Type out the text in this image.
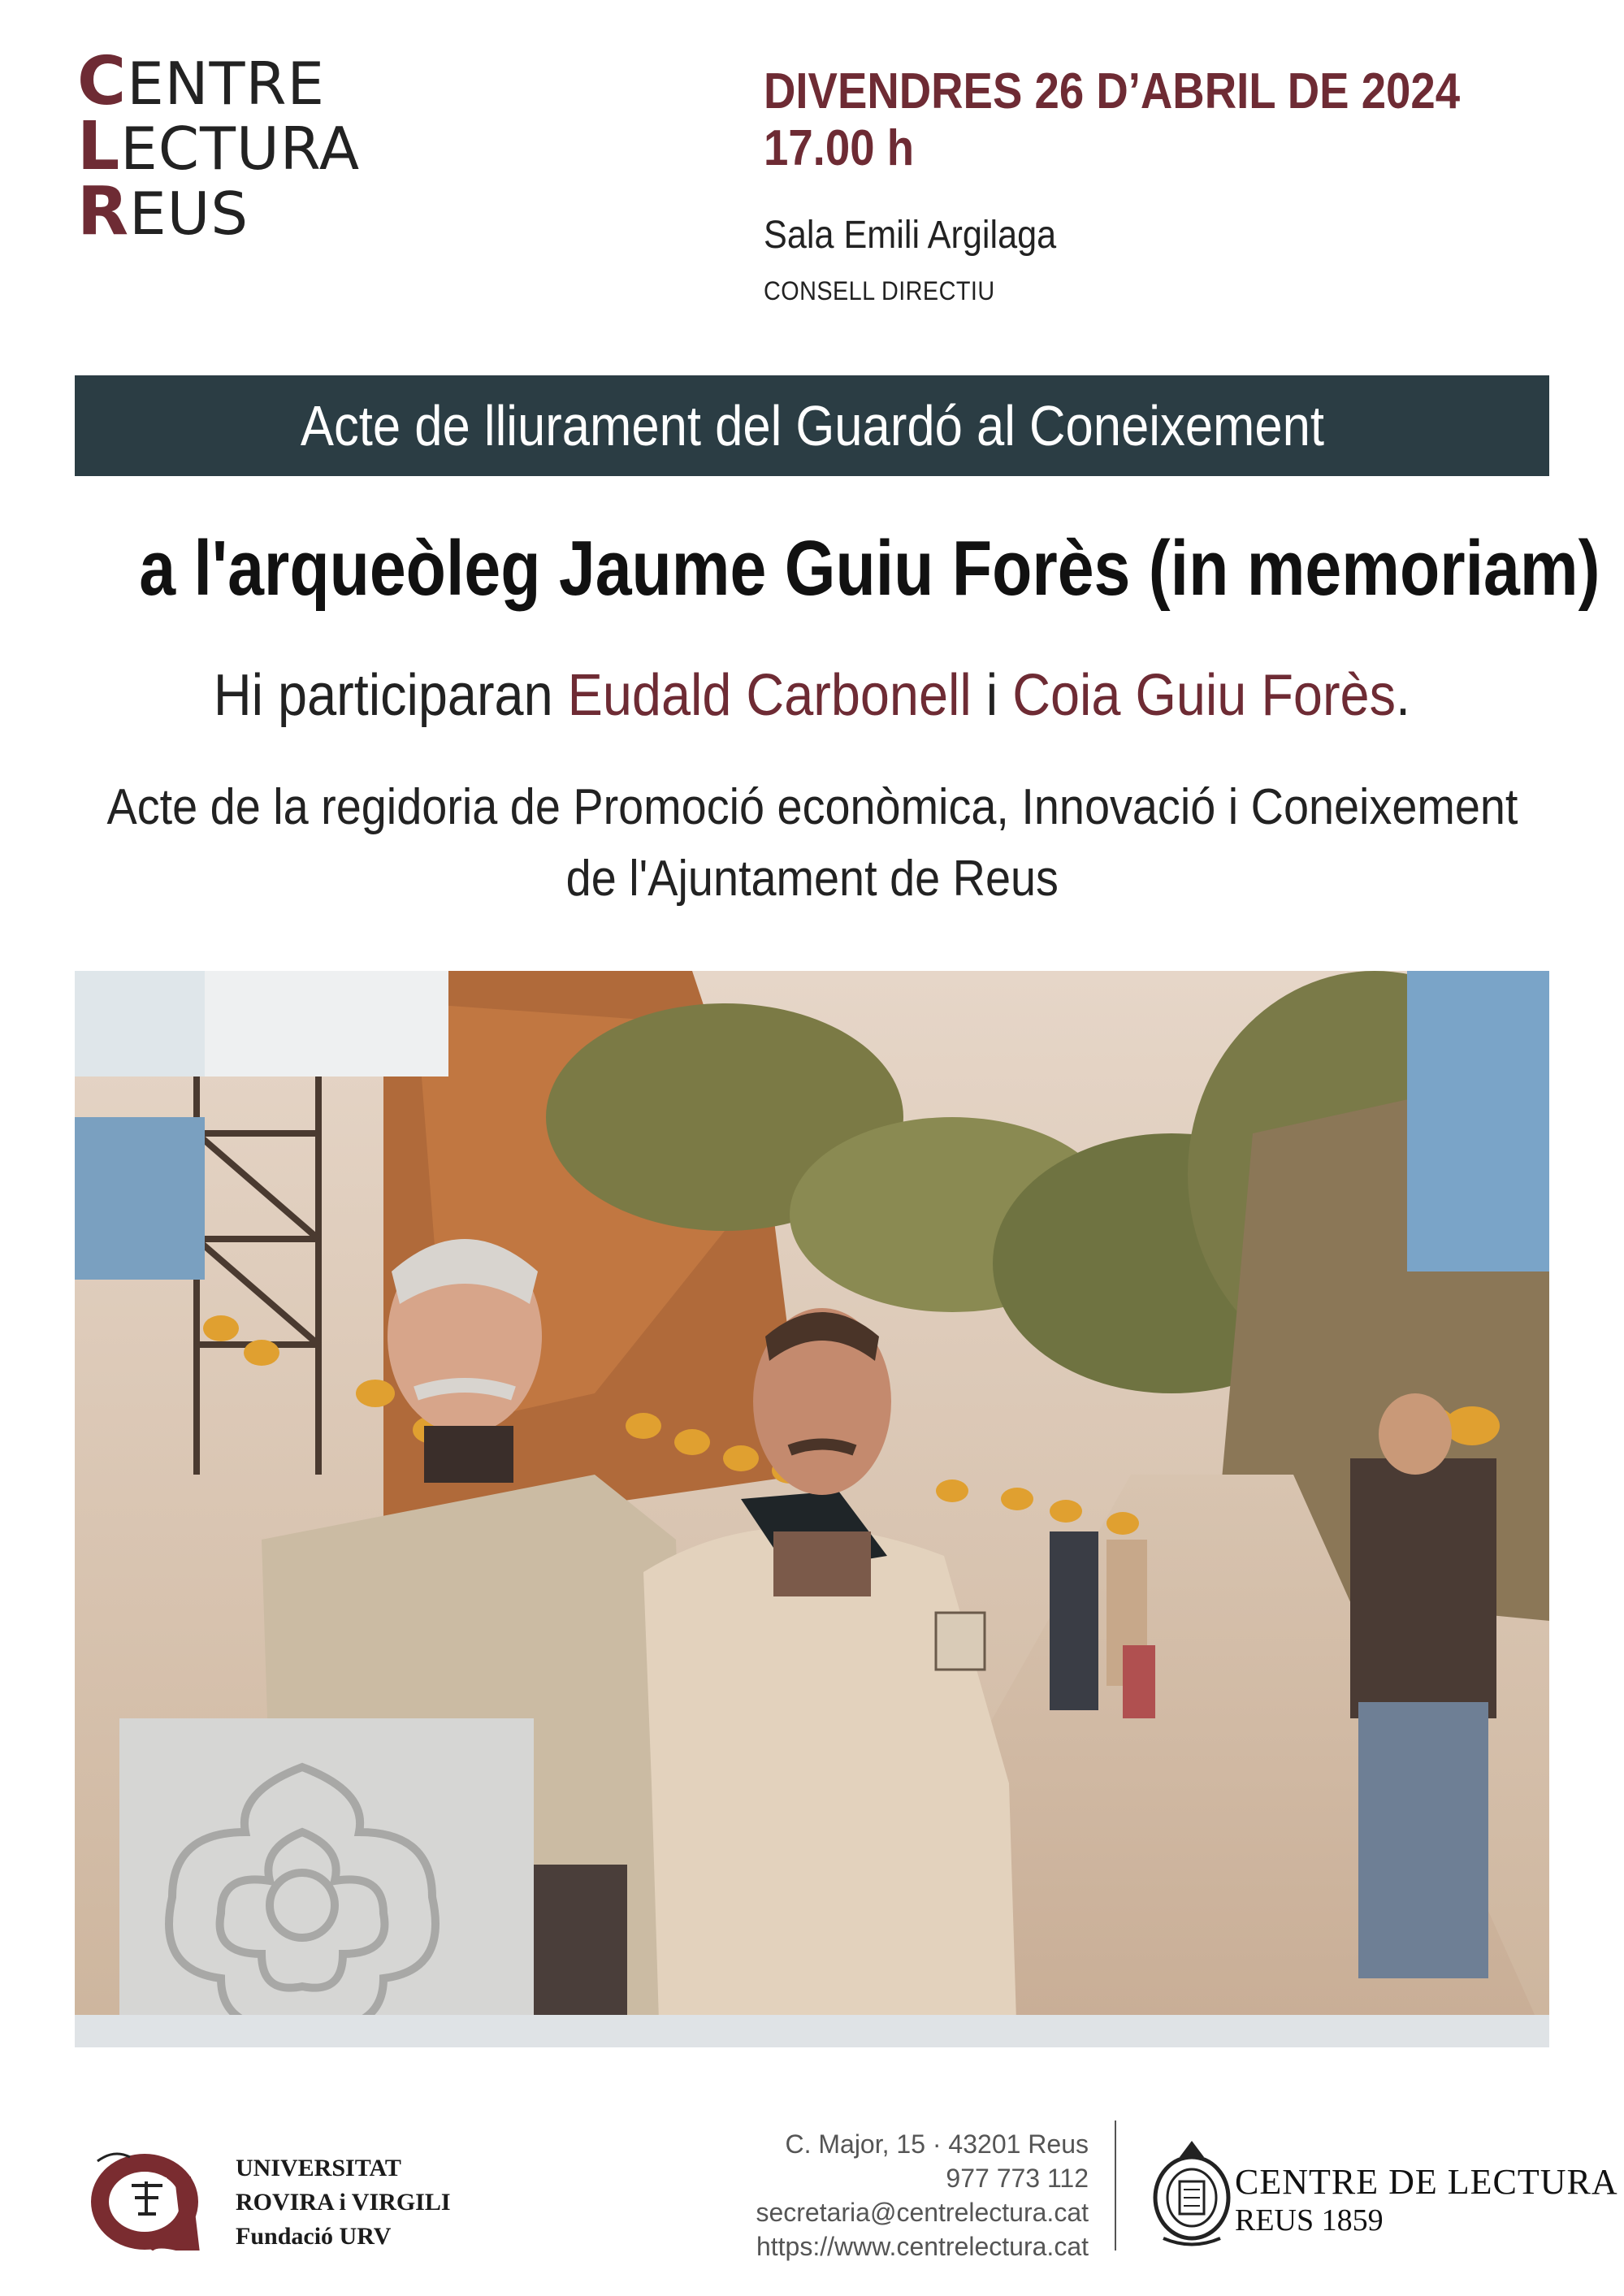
CENTRE
LECTURA
REUS
DIVENDRES 26 D’ABRIL DE 2024
17.00 h
Sala Emili Argilaga
CONSELL DIRECTIU
Acte de lliurament del Guardó al Coneixement
a l'arqueòleg Jaume Guiu Forès (in memoriam)
Hi participaran Eudald Carbonell i Coia Guiu Forès.
Acte de la regidoria de Promoció econòmica, Innovació i Coneixement
de l'Ajuntament de Reus
UNIVERSITAT
ROVIRA i VIRGILI
Fundació URV
C. Major, 15 · 43201 Reus
977 773 112
secretaria@centrelectura.cat
https://www.centrelectura.cat
CENTRE DE LECTURA
REUS 1859
